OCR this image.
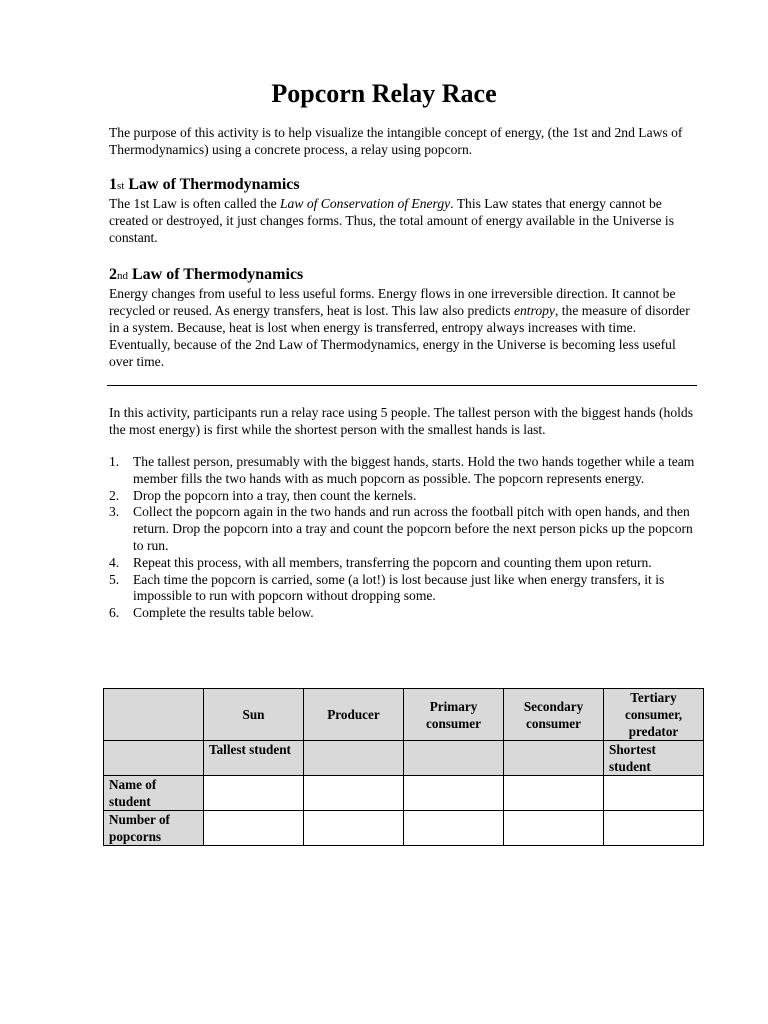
Popcorn Relay Race

The purpose of this activity is to help visualize the intangible concept of energy, (the 1st and 2nd Laws of Thermodynamics) using a concrete process, a relay using popcorn.

1st Law of Thermodynamics

The 1st Law is often called the Law of Conservation of Energy. This Law states that energy cannot be created or destroyed, it just changes forms. Thus, the total amount of energy available in the Universe is constant.

2nd Law of Thermodynamics

Energy changes from useful to less useful forms. Energy flows in one irreversible direction. It cannot be recycled or reused. As energy transfers, heat is lost. This law also predicts entropy, the measure of disorder in a system. Because, heat is lost when energy is transferred, entropy always increases with time. Eventually, because of the 2nd Law of Thermodynamics, energy in the Universe is becoming less useful over time.

In this activity, participants run a relay race using 5 people. The tallest person with the biggest hands (holds the most energy) is first while the shortest person with the smallest hands is last.

1. The tallest person, presumably with the biggest hands, starts. Hold the two hands together while a team member fills the two hands with as much popcorn as possible. The popcorn represents energy.
2. Drop the popcorn into a tray, then count the kernels.
3. Collect the popcorn again in the two hands and run across the football pitch with open hands, and then return. Drop the popcorn into a tray and count the popcorn before the next person picks up the popcorn to run.
4. Repeat this process, with all members, transferring the popcorn and counting them upon return.
5. Each time the popcorn is carried, some (a lot!) is lost because just like when energy transfers, it is impossible to run with popcorn without dropping some.
6. Complete the results table below.
	Sun	Producer	Primary consumer	Secondary consumer	Tertiary consumer, predator
	Tallest student				Shortest student
Name of student					
Number of popcorns					
